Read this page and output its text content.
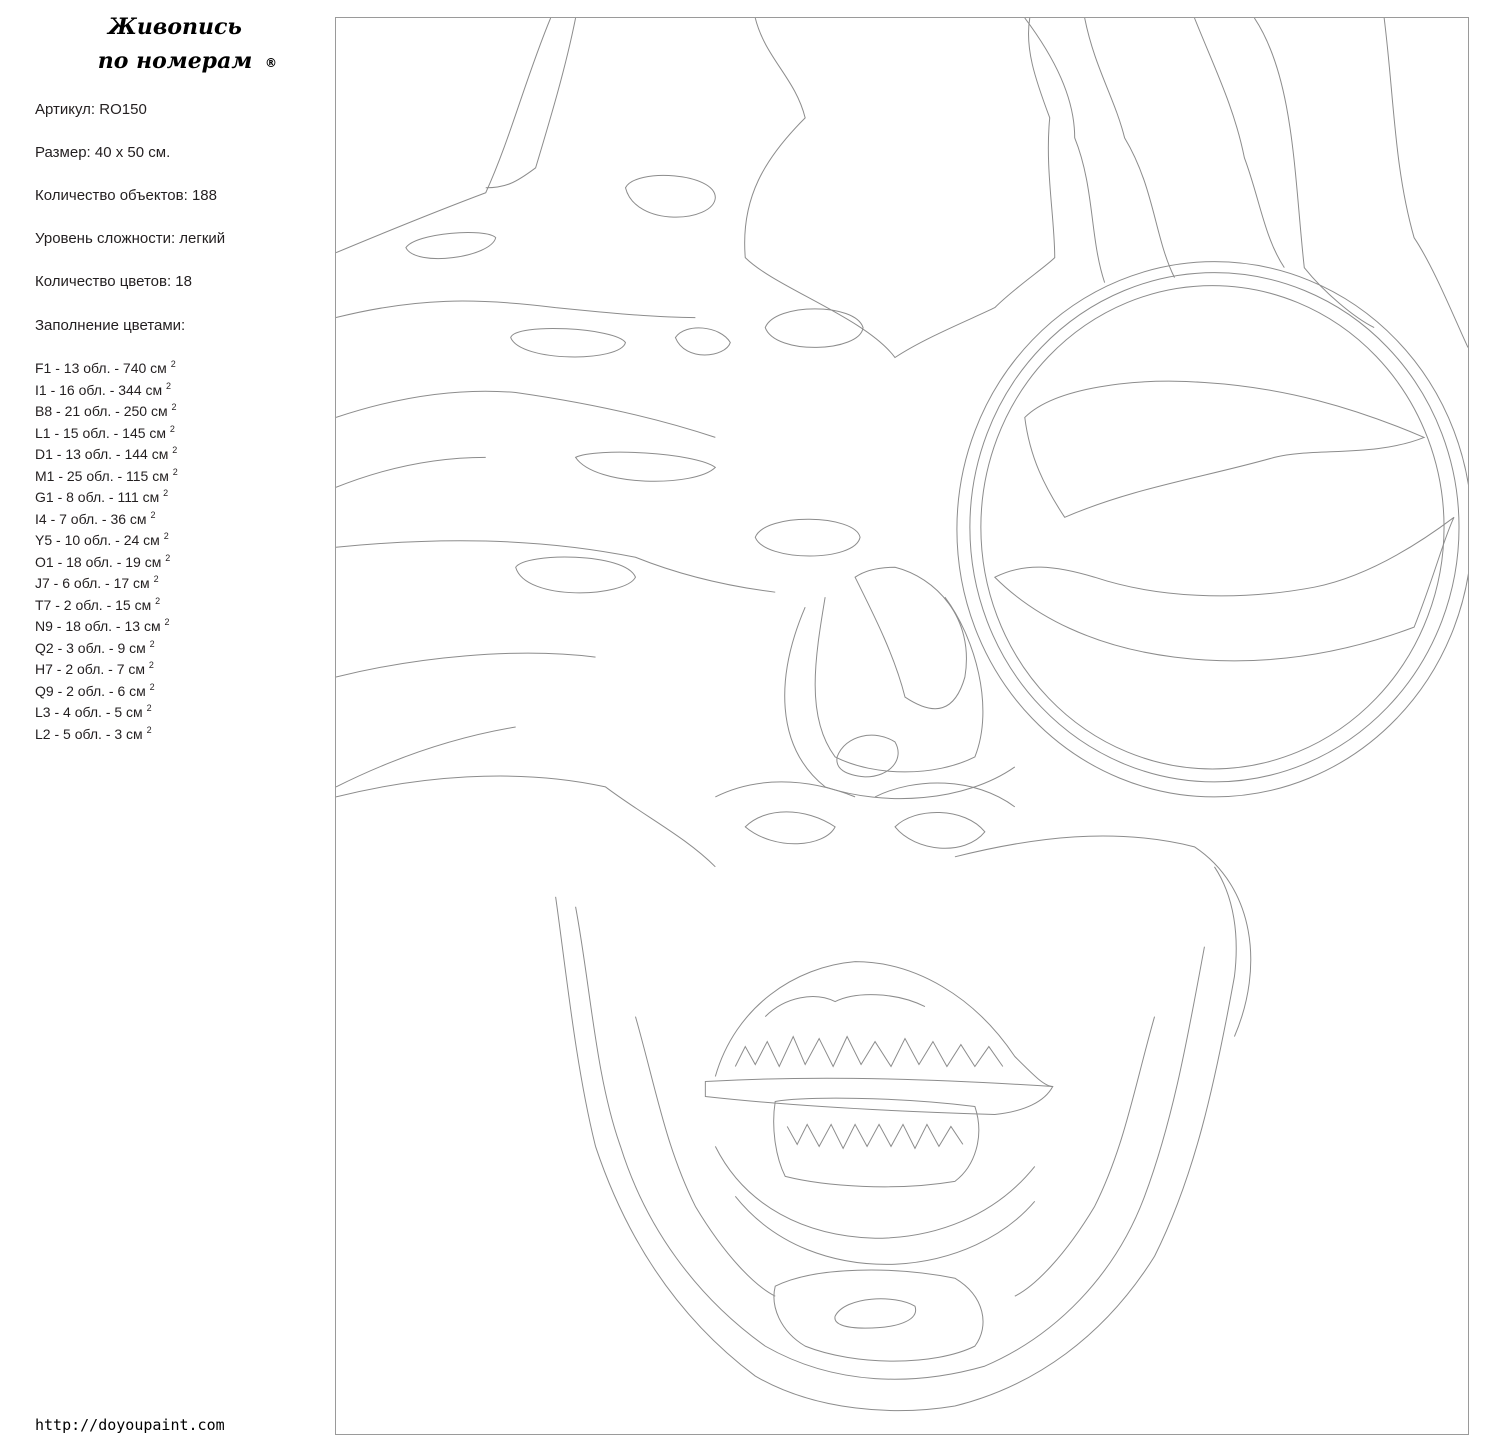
Живопись
по номерам	®
Артикул: RO150
Размер: 40 х 50 см.
Количество объектов: 188
Уровень сложности: легкий
Количество цветов: 18
Заполнение цветами:
F1 - 13 обл. - 740 см $^2$
I1 - 16 обл. - 344 см $^2$
B8 - 21 обл. - 250 см $^2$
L1 - 15 обл. - 145 см $^2$
D1 - 13 обл. - 144 см $^2$
M1 - 25 обл. - 115 см $^2$
G1 - 8 обл. - 111 см $^2$
I4 - 7 обл. - 36 см $^2$
Y5 - 10 обл. - 24 см $^2$
O1 - 18 обл. - 19 см $^2$
J7 - 6 обл. - 17 см $^2$
T7 - 2 обл. - 15 см $^2$
N9 - 18 обл. - 13 см $^2$
Q2 - 3 обл. - 9 см $^2$
H7 - 2 обл. - 7 см $^2$
Q9 - 2 обл. - 6 см $^2$
L3 - 4 обл. - 5 см $^2$
L2 - 5 обл. - 3 см $^2$
http://doyoupaint.com
